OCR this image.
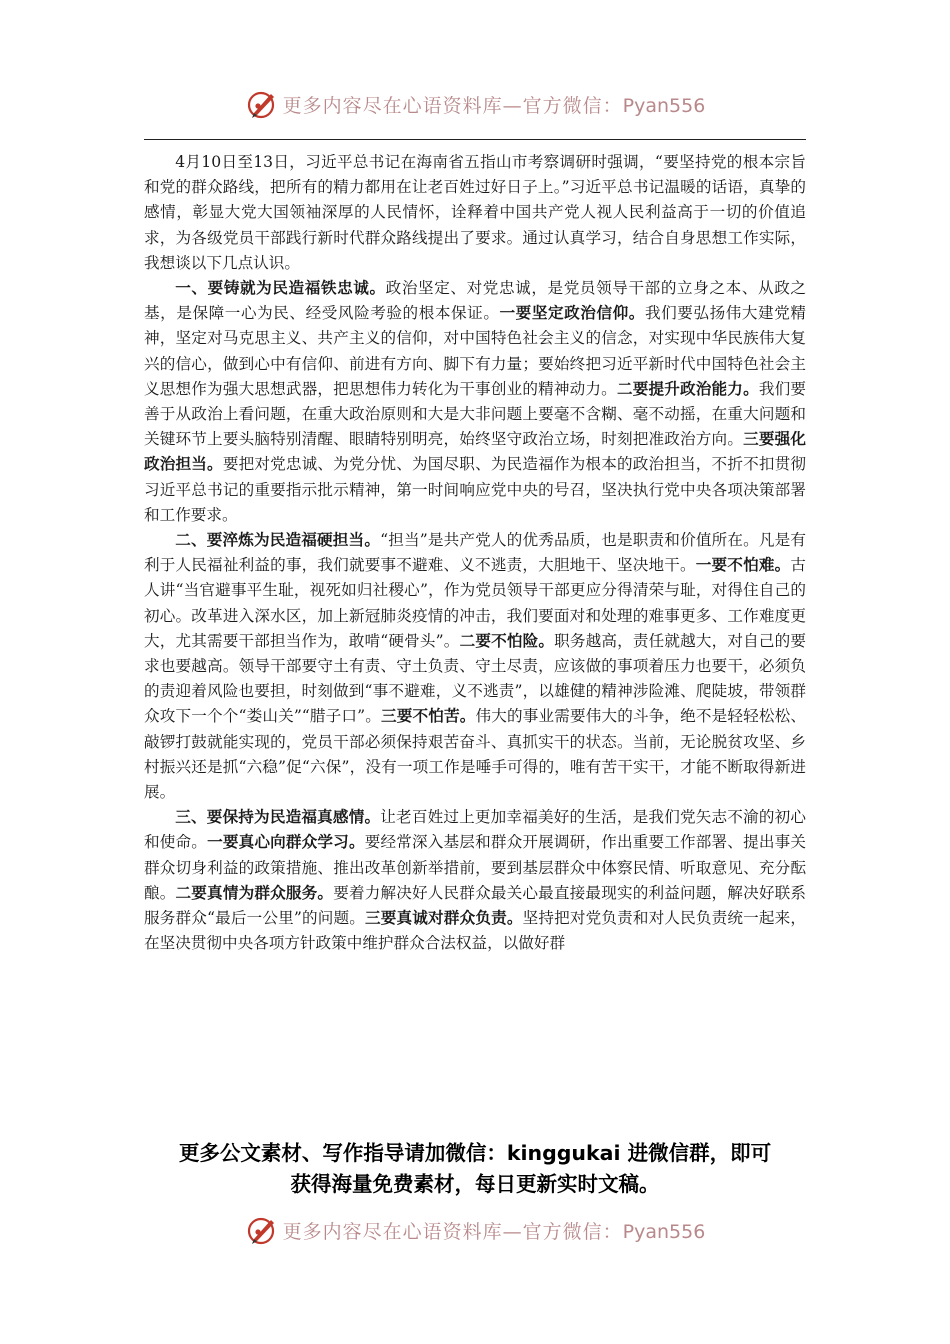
更多内容尽在心语资料库—官方微信：Pyan556

4月10日至13日，习近平总书记在海南省五指山市考察调研时强调，“要坚持党的根本宗旨和党的群众路线，把所有的精力都用在让老百姓过好日子上。”习近平总书记温暖的话语，真挚的感情，彰显大党大国领袖深厚的人民情怀，诠释着中国共产党人视人民利益高于一切的价值追求，为各级党员干部践行新时代群众路线提出了要求。通过认真学习，结合自身思想工作实际，我想谈以下几点认识。

一、要铸就为民造福铁忠诚。政治坚定、对党忠诚，是党员领导干部的立身之本、从政之基，是保障一心为民、经受风险考验的根本保证。一要坚定政治信仰。我们要弘扬伟大建党精神，坚定对马克思主义、共产主义的信仰，对中国特色社会主义的信念，对实现中华民族伟大复兴的信心，做到心中有信仰、前进有方向、脚下有力量；要始终把习近平新时代中国特色社会主义思想作为强大思想武器，把思想伟力转化为干事创业的精神动力。二要提升政治能力。我们要善于从政治上看问题，在重大政治原则和大是大非问题上要毫不含糊、毫不动摇，在重大问题和关键环节上要头脑特别清醒、眼睛特别明亮，始终坚守政治立场，时刻把准政治方向。三要强化政治担当。要把对党忠诚、为党分忧、为国尽职、为民造福作为根本的政治担当，不折不扣贯彻习近平总书记的重要指示批示精神，第一时间响应党中央的号召，坚决执行党中央各项决策部署和工作要求。

二、要淬炼为民造福硬担当。“担当”是共产党人的优秀品质，也是职责和价值所在。凡是有利于人民福祉利益的事，我们就要事不避难、义不逃责，大胆地干、坚决地干。一要不怕难。古人讲“当官避事平生耻，视死如归社稷心”，作为党员领导干部更应分得清荣与耻，对得住自己的初心。改革进入深水区，加上新冠肺炎疫情的冲击，我们要面对和处理的难事更多、工作难度更大，尤其需要干部担当作为，敢啃“硬骨头”。二要不怕险。职务越高，责任就越大，对自己的要求也要越高。领导干部要守土有责、守土负责、守土尽责，应该做的事项着压力也要干，必须负的责迎着风险也要担，时刻做到“事不避难，义不逃责”，以雄健的精神涉险滩、爬陡坡，带领群众攻下一个个“娄山关”“腊子口”。三要不怕苦。伟大的事业需要伟大的斗争，绝不是轻轻松松、敲锣打鼓就能实现的，党员干部必须保持艰苦奋斗、真抓实干的状态。当前，无论脱贫攻坚、乡村振兴还是抓“六稳”促“六保”，没有一项工作是唾手可得的，唯有苦干实干，才能不断取得新进展。

三、要保持为民造福真感情。让老百姓过上更加幸福美好的生活，是我们党矢志不渝的初心和使命。一要真心向群众学习。要经常深入基层和群众开展调研，作出重要工作部署、提出事关群众切身利益的政策措施、推出改革创新举措前，要到基层群众中体察民情、听取意见、充分酝酿。二要真情为群众服务。要着力解决好人民群众最关心最直接最现实的利益问题，解决好联系服务群众“最后一公里”的问题。三要真诚对群众负责。坚持把对党负责和对人民负责统一起来，在坚决贯彻中央各项方针政策中维护群众合法权益，以做好群

更多公文素材、写作指导请加微信：kinggukai 进微信群，即可
获得海量免费素材，每日更新实时文稿。
更多内容尽在心语资料库—官方微信：Pyan556
